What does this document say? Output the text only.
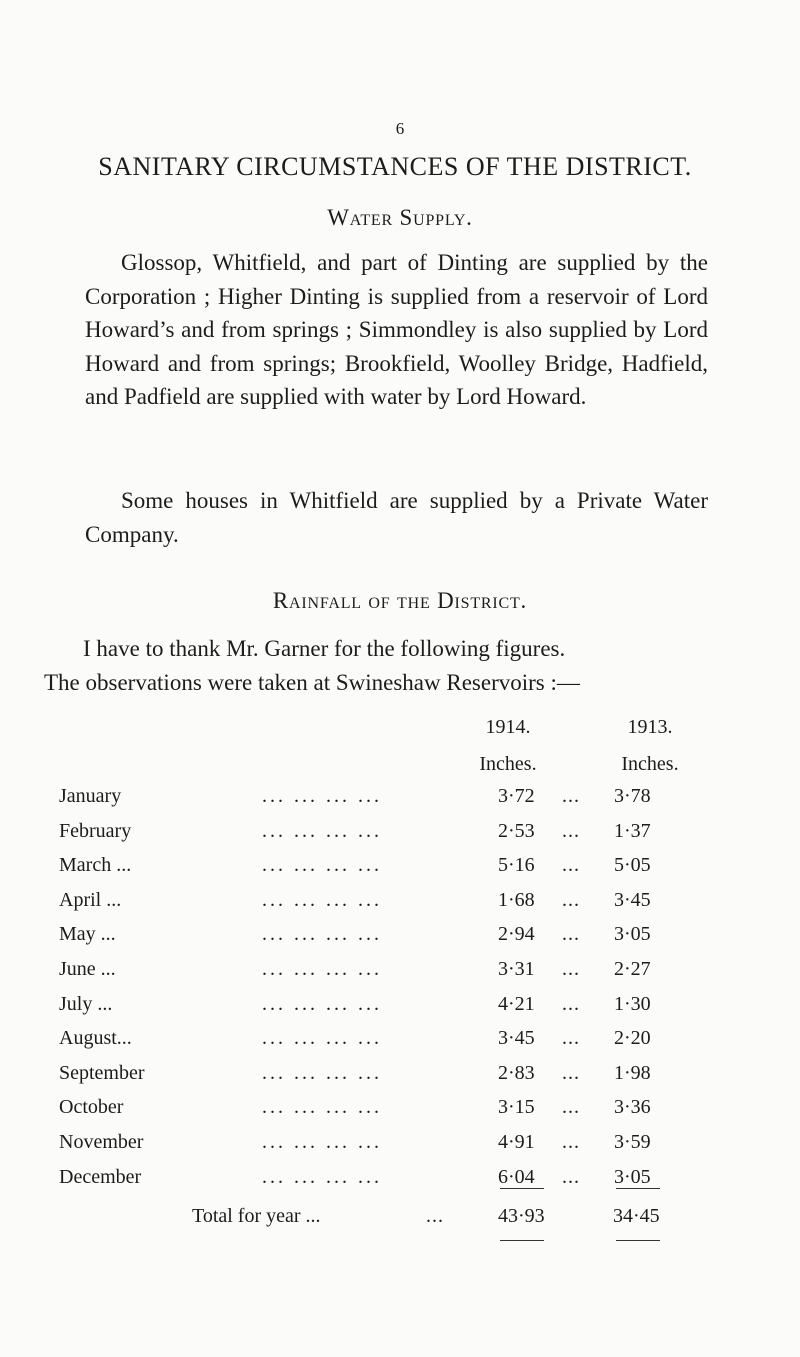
6
SANITARY CIRCUMSTANCES OF THE DISTRICT.
Water Supply.

Glossop, Whitfield, and part of Dinting are supplied by the Corporation ; Higher Dinting is supplied from a reservoir of Lord Howard’s and from springs ; Simmondley is also supplied by Lord Howard and from springs; Brookfield, Woolley Bridge, Hadfield, and Padfield are supplied with water by Lord Howard.

Some houses in Whitfield are supplied by a Private Water Company.

Rainfall of the District.

I have to thank Mr. Garner for the following figures.
The observations were taken at Swineshaw Reservoirs :—

1914.
Inches.
1913.
Inches.
January	... ... ... ...	3·72 ... 3·78
February	... ... ... ...	2·53 ... 1·37
March ...	... ... ... ...	5·16 ... 5·05
April ...	... ... ... ...	1·68 ... 3·45
May ...	... ... ... ...	2·94 ... 3·05
June ...	... ... ... ...	3·31 ... 2·27
July ...	... ... ... ...	4·21 ... 1·30
August...	... ... ... ...	3·45 ... 2·20
September	... ... ... ...	2·83 ... 1·98
October	... ... ... ...	3·15 ... 3·36
November	... ... ... ...	4·91 ... 3·59
December	... ... ... ...	6·04 ... 3·05
Total for year ...	...	43·93	34·45
